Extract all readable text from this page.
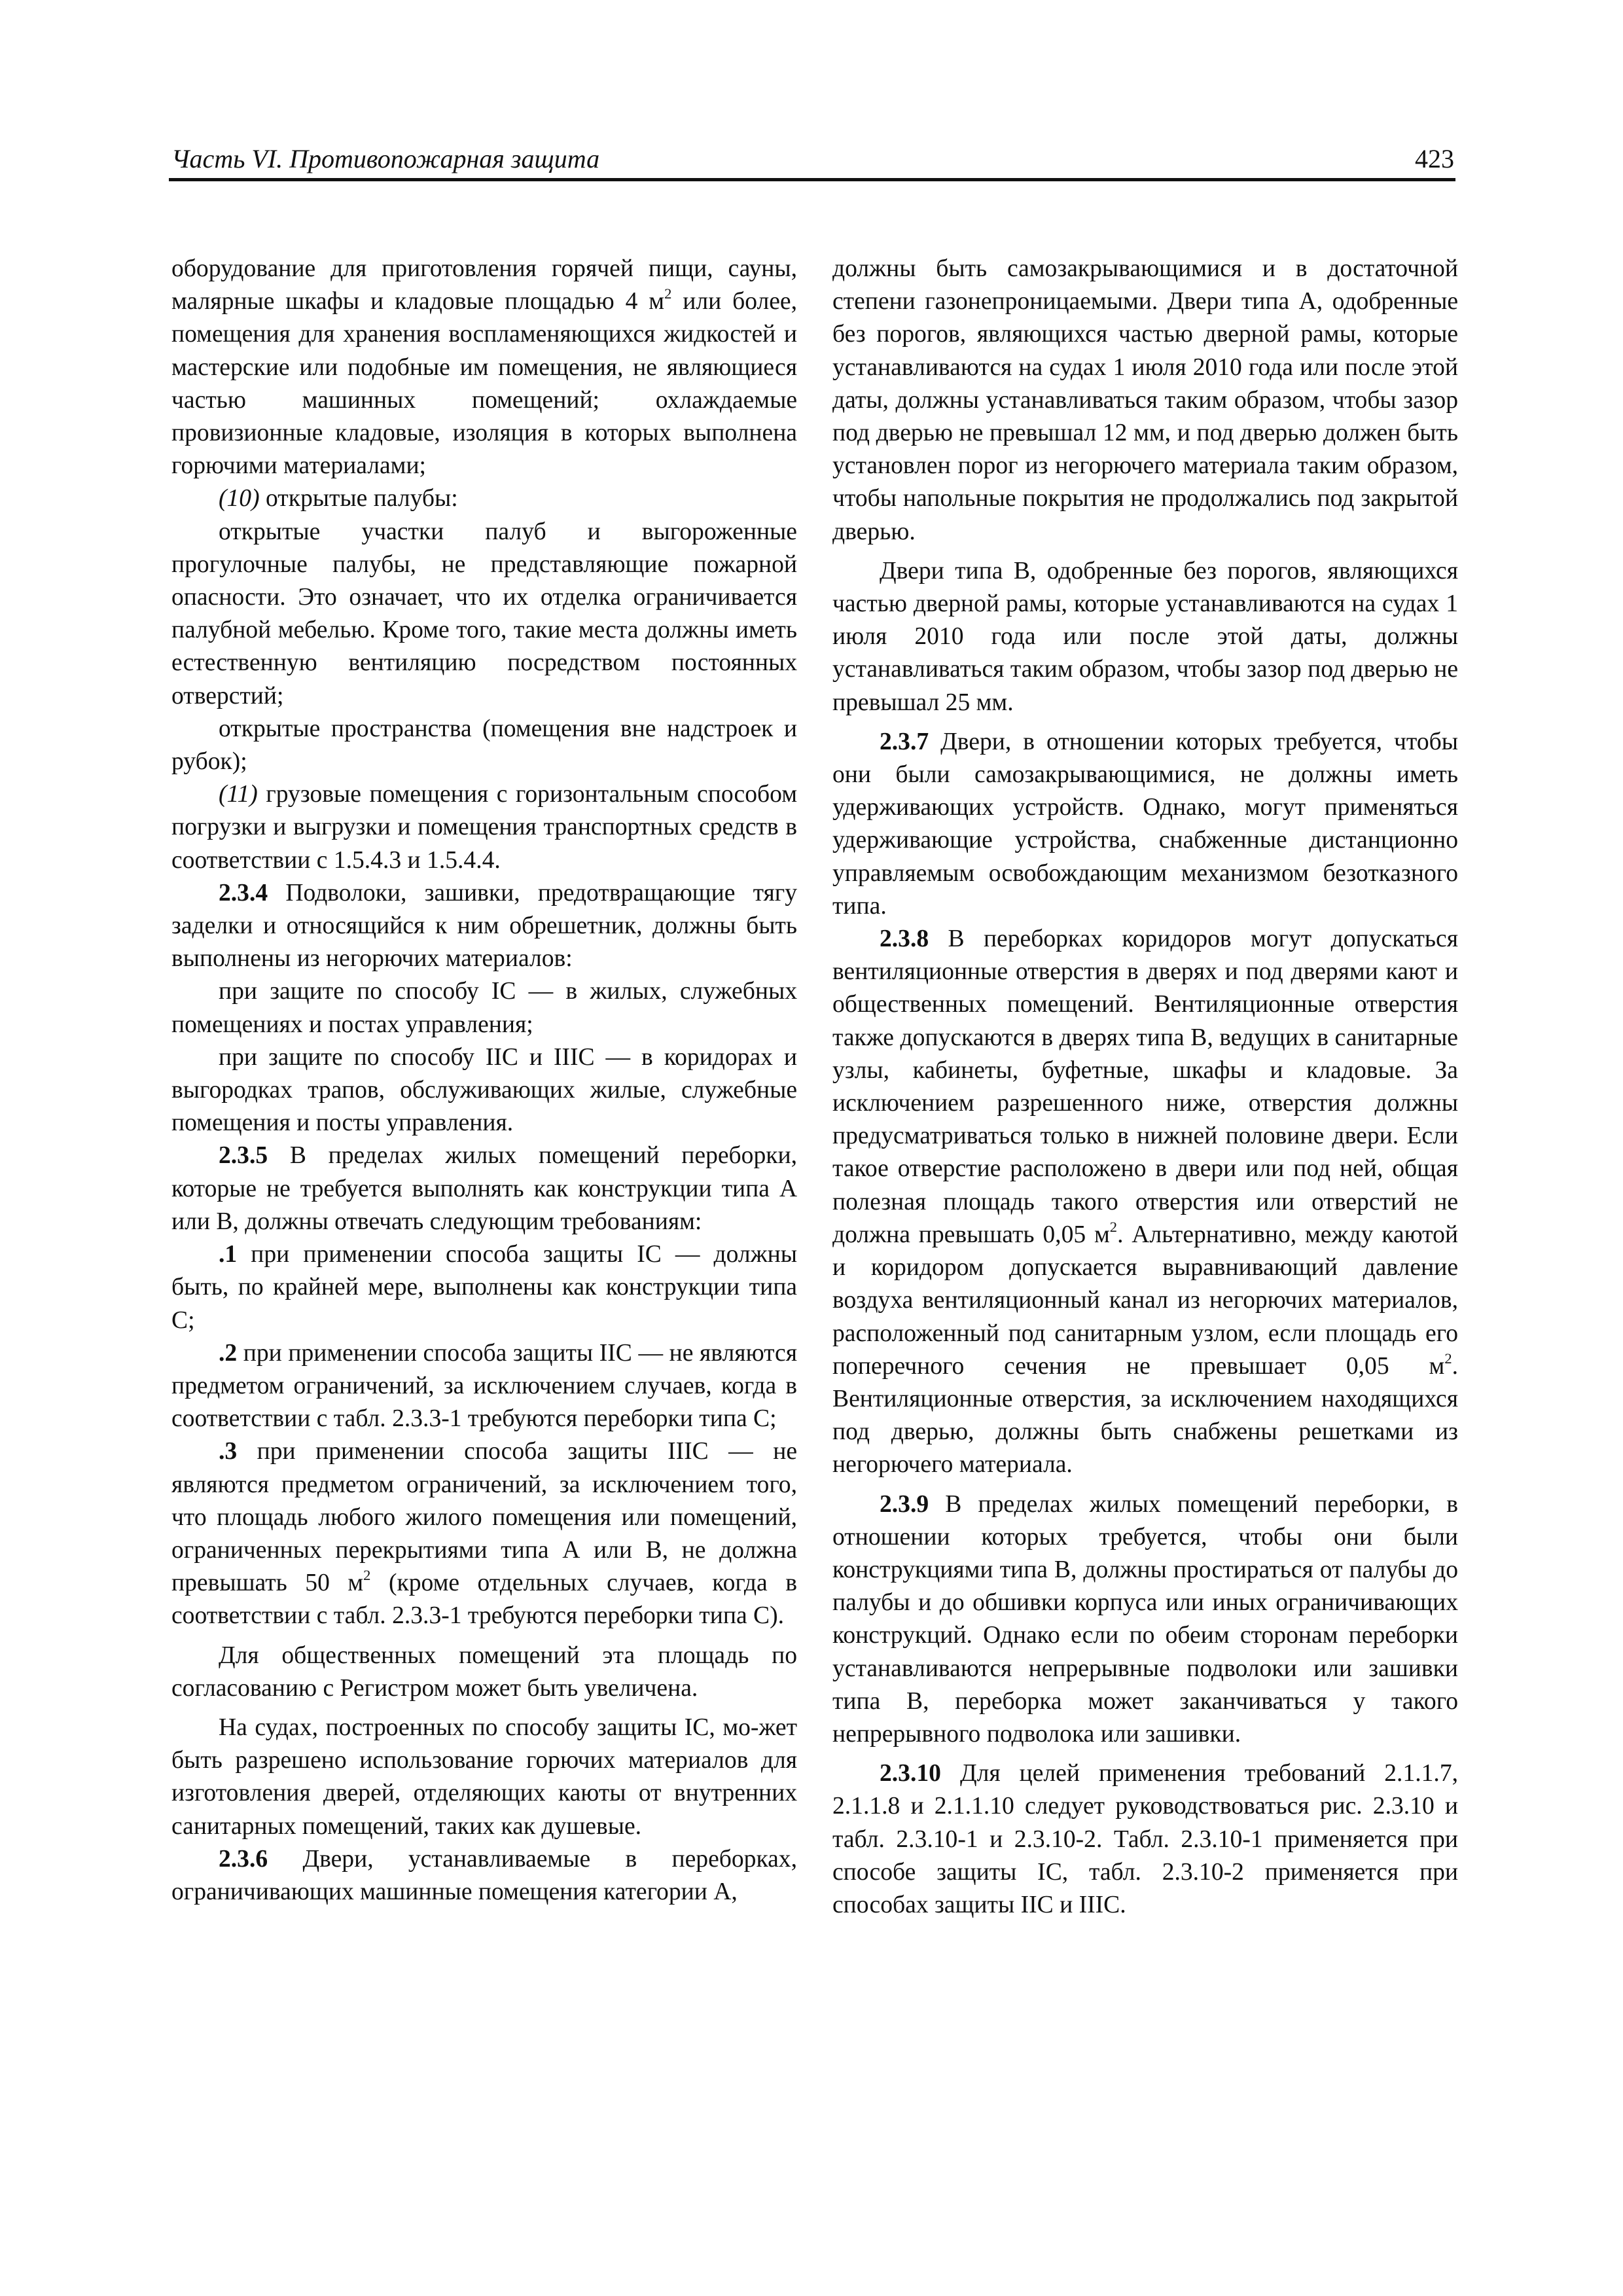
Часть VI. Противопожарная защита	423

оборудование для приготовления горячей пищи, сауны, малярные шкафы и кладовые площадью 4 $м^2$ или более, помещения для хранения воспламеняющихся жидкостей и мастерские или подобные им помещения, не являющиеся частью машинных помещений; охлаждаемые провизионные кладовые, изоляция в которых выполнена горючими материалами;

(10) открытые палубы:

открытые участки палуб и выгороженные прогулочные палубы, не представляющие пожарной опасности. Это означает, что их отделка ограничивается палубной мебелью. Кроме того, такие места должны иметь естественную вентиляцию посредством постоянных отверстий;

открытые пространства (помещения вне надстроек и рубок);

(11) грузовые помещения с горизонтальным способом погрузки и выгрузки и помещения транспортных средств в соответствии с 1.5.4.3 и 1.5.4.4.

2.3.4 Подволоки, зашивки, предотвращающие тягу заделки и относящийся к ним обрешетник, должны быть выполнены из негорючих материалов:

при защите по способу IC — в жилых, служебных помещениях и постах управления;

при защите по способу IIC и IIIC — в коридорах и выгородках трапов, обслуживающих жилые, служебные помещения и посты управления.

2.3.5 В пределах жилых помещений переборки, которые не требуется выполнять как конструкции типа А или В, должны отвечать следующим требованиям:

.1 при применении способа защиты IC — должны быть, по крайней мере, выполнены как конструкции типа С;

.2 при применении способа защиты IIC — не являются предметом ограничений, за исключением случаев, когда в соответствии с табл. 2.3.3-1 требуются переборки типа С;

.3 при применении способа защиты IIIC — не являются предметом ограничений, за исключением того, что площадь любого жилого помещения или помещений, ограниченных перекрытиями типа А или В, не должна превышать 50 $м^2$ (кроме отдельных случаев, когда в соответствии с табл. 2.3.3-1 требуются переборки типа С).

Для общественных помещений эта площадь по согласованию с Регистром может быть увеличена.

На судах, построенных по способу защиты IC, мо-жет быть разрешено использование горючих материалов для изготовления дверей, отделяющих каюты от внутренних санитарных помещений, таких как душевые.

2.3.6 Двери, устанавливаемые в переборках, ограничивающих машинные помещения категории А,

должны быть самозакрывающимися и в достаточной степени газонепроницаемыми. Двери типа А, одобренные без порогов, являющихся частью дверной рамы, которые устанавливаются на судах 1 июля 2010 года или после этой даты, должны устанавливаться таким образом, чтобы зазор под дверью не превышал 12 мм, и под дверью должен быть установлен порог из негорючего материала таким образом, чтобы напольные покрытия не продолжались под закрытой дверью.

Двери типа В, одобренные без порогов, являющихся частью дверной рамы, которые устанавливаются на судах 1 июля 2010 года или после этой даты, должны устанавливаться таким образом, чтобы зазор под дверью не превышал 25 мм.

2.3.7 Двери, в отношении которых требуется, чтобы они были самозакрывающимися, не должны иметь удерживающих устройств. Однако, могут применяться удерживающие устройства, снабженные дистанционно управляемым освобождающим механизмом безотказного типа.

2.3.8 В переборках коридоров могут допускаться вентиляционные отверстия в дверях и под дверями кают и общественных помещений. Вентиляционные отверстия также допускаются в дверях типа В, ведущих в санитарные узлы, кабинеты, буфетные, шкафы и кладовые. За исключением разрешенного ниже, отверстия должны предусматриваться только в нижней половине двери. Если такое отверстие расположено в двери или под ней, общая полезная площадь такого отверстия или отверстий не должна превышать 0,05 $м^2$. Альтернативно, между каютой и коридором допускается выравнивающий давление воздуха вентиляционный канал из негорючих материалов, расположенный под санитарным узлом, если площадь его поперечного сечения не превышает 0,05 $м^2$. Вентиляционные отверстия, за исключением находящихся под дверью, должны быть снабжены решетками из негорючего материала.

2.3.9 В пределах жилых помещений переборки, в отношении которых требуется, чтобы они были конструкциями типа В, должны простираться от палубы до палубы и до обшивки корпуса или иных ограничивающих конструкций. Однако если по обеим сторонам переборки устанавливаются непрерывные подволоки или зашивки типа В, переборка может заканчиваться у такого непрерывного подволока или зашивки.

2.3.10 Для целей применения требований 2.1.1.7, 2.1.1.8 и 2.1.1.10 следует руководствоваться рис. 2.3.10 и табл. 2.3.10-1 и 2.3.10-2. Табл. 2.3.10-1 применяется при способе защиты IC, табл. 2.3.10-2 применяется при способах защиты IIC и IIIC.
